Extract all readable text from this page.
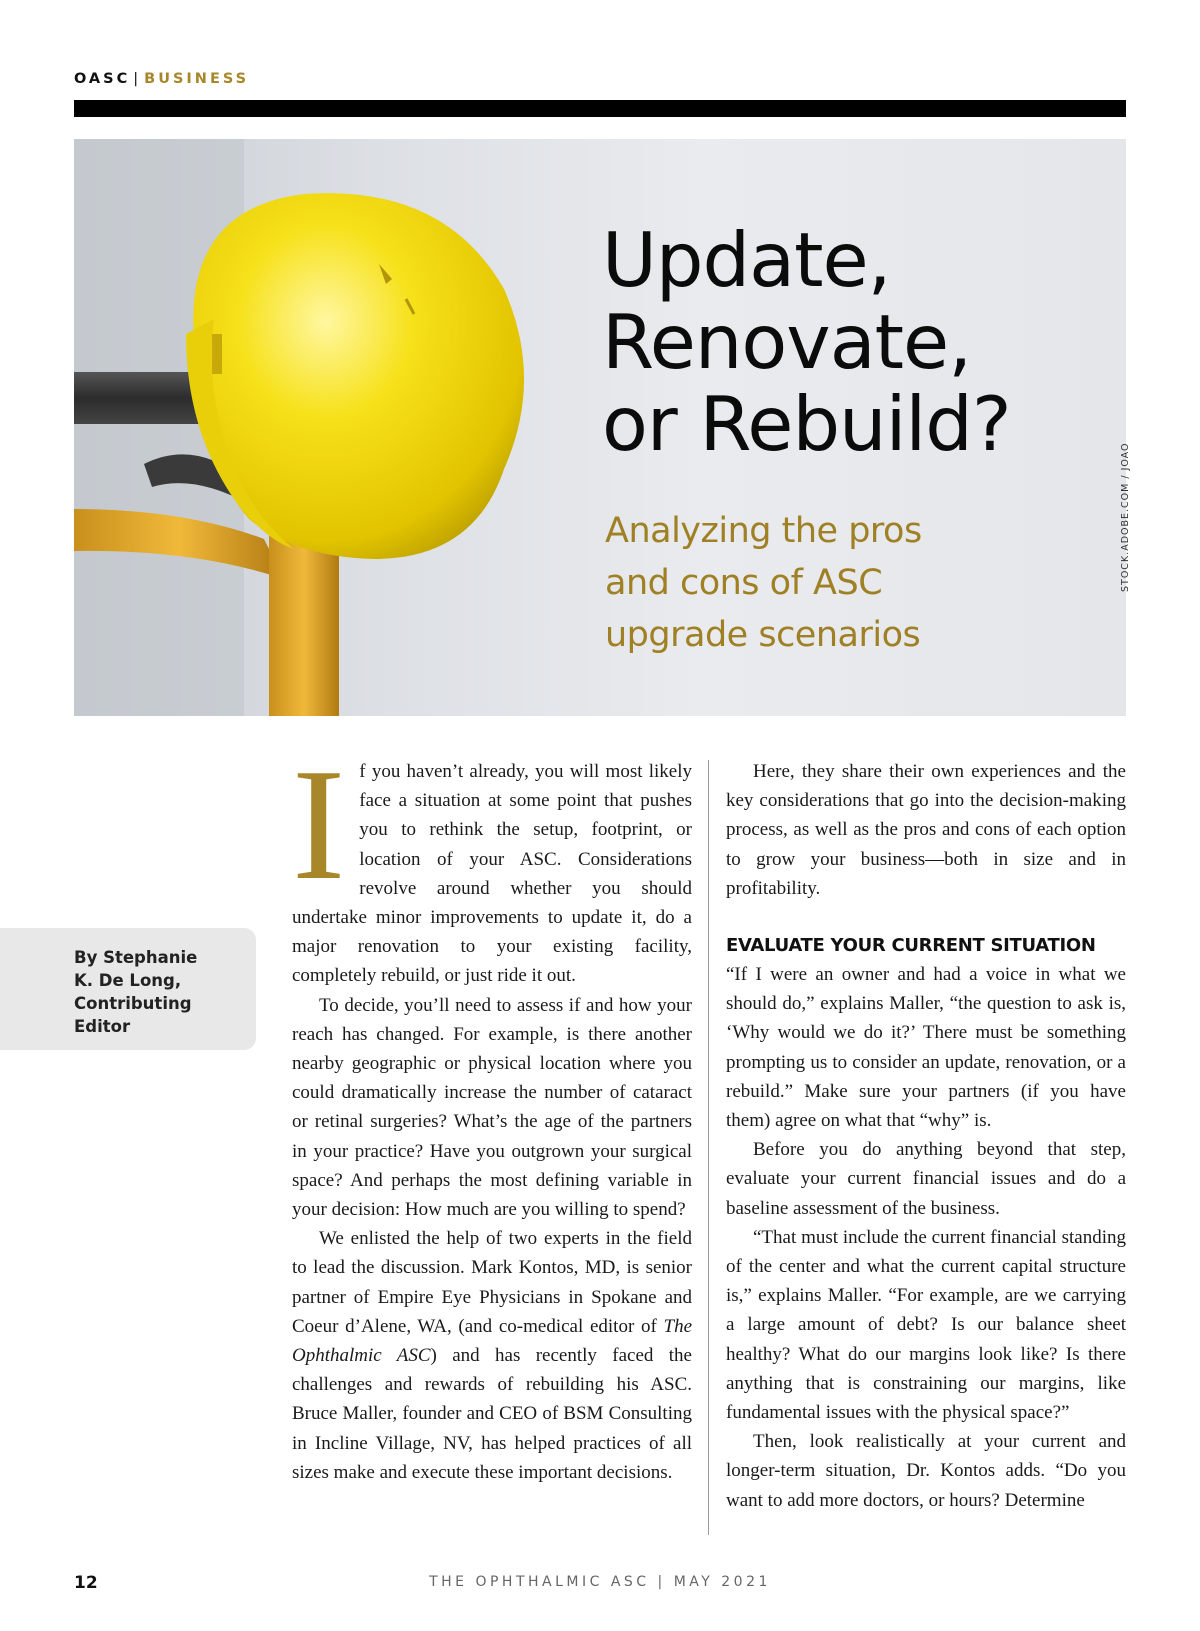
OASC | BUSINESS
Update,
Renovate,
or Rebuild?
Analyzing the pros
and cons of ASC
upgrade scenarios
STOCK.ADOBE.COM / JOAO
By Stephanie
K. De Long,
Contributing
Editor
I f you haven’t already, you will most likely face a situation at some point that pushes you to rethink the setup, footprint, or location of your ASC. Considerations revolve around whether you should undertake minor improvements to update it, do a major renovation to your existing facility, completely rebuild, or just ride it out.

To decide, you’ll need to assess if and how your reach has changed. For example, is there another nearby geographic or physical location where you could dramatically increase the number of cataract or retinal surgeries? What’s the age of the partners in your practice? Have you outgrown your surgical space? And perhaps the most defining variable in your decision: How much are you willing to spend?

We enlisted the help of two experts in the field to lead the discussion. Mark Kontos, MD, is senior partner of Empire Eye Physicians in Spokane and Coeur d’Alene, WA, (and co-medical editor of The Ophthalmic ASC) and has recently faced the challenges and rewards of rebuilding his ASC. Bruce Maller, founder and CEO of BSM Consulting in Incline Village, NV, has helped practices of all sizes make and execute these important decisions.

Here, they share their own experiences and the key considerations that go into the decision-making process, as well as the pros and cons of each option to grow your business—both in size and in profitability.

EVALUATE YOUR CURRENT SITUATION

“If I were an owner and had a voice in what we should do,” explains Maller, “the question to ask is, ‘Why would we do it?’ There must be something prompting us to consider an update, renovation, or a rebuild.” Make sure your partners (if you have them) agree on what that “why” is.

Before you do anything beyond that step, evaluate your current financial issues and do a baseline assessment of the business.

“That must include the current financial standing of the center and what the current capital structure is,” explains Maller. “For example, are we carrying a large amount of debt? Is our balance sheet healthy? What do our margins look like? Is there anything that is constraining our margins, like fundamental issues with the physical space?”

Then, look realistically at your current and longer-term situation, Dr. Kontos adds. “Do you want to add more doctors, or hours? Determine

12	THE OPHTHALMIC ASC | MAY 2021
